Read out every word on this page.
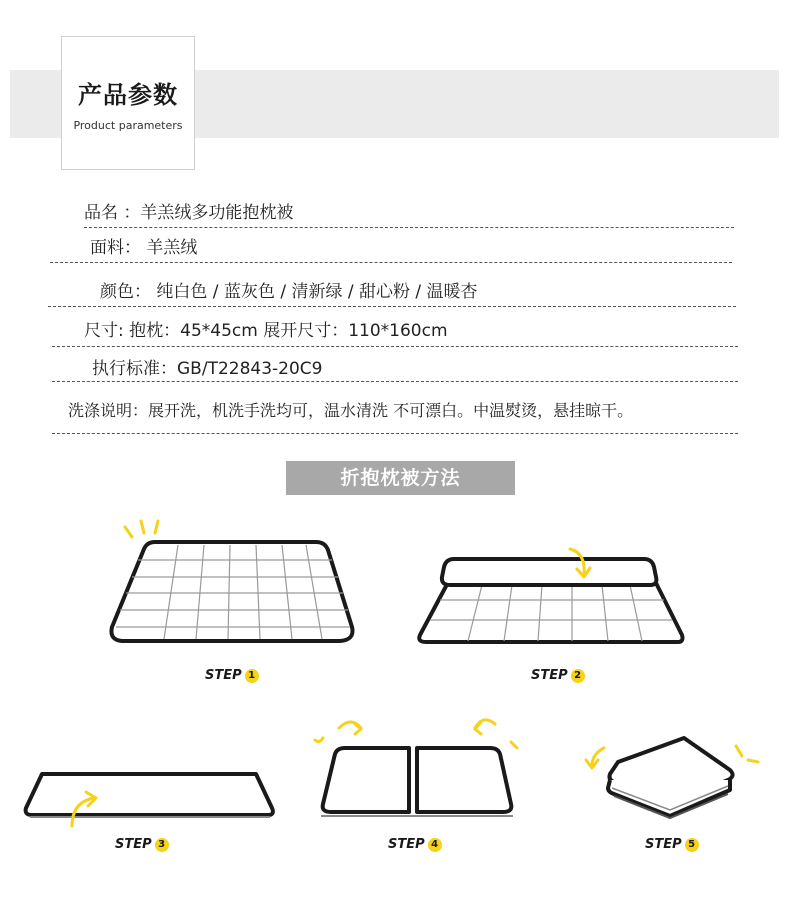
产品参数
Product parameters
品名 ：羊羔绒多功能抱枕被
面料： 羊羔绒
颜色： 纯白色 / 蓝灰色 / 清新绿 / 甜心粉 / 温暖杏
尺寸: 抱枕：45*45cm 展开尺寸：110*160cm
执行标准：GB/T22843-20C9
洗涤说明：展开洗，机洗手洗均可，温水清洗 不可漂白。中温熨烫，悬挂晾干。
折抱枕被方法
STEP 1	STEP 2
STEP 3	STEP 4	STEP 5
